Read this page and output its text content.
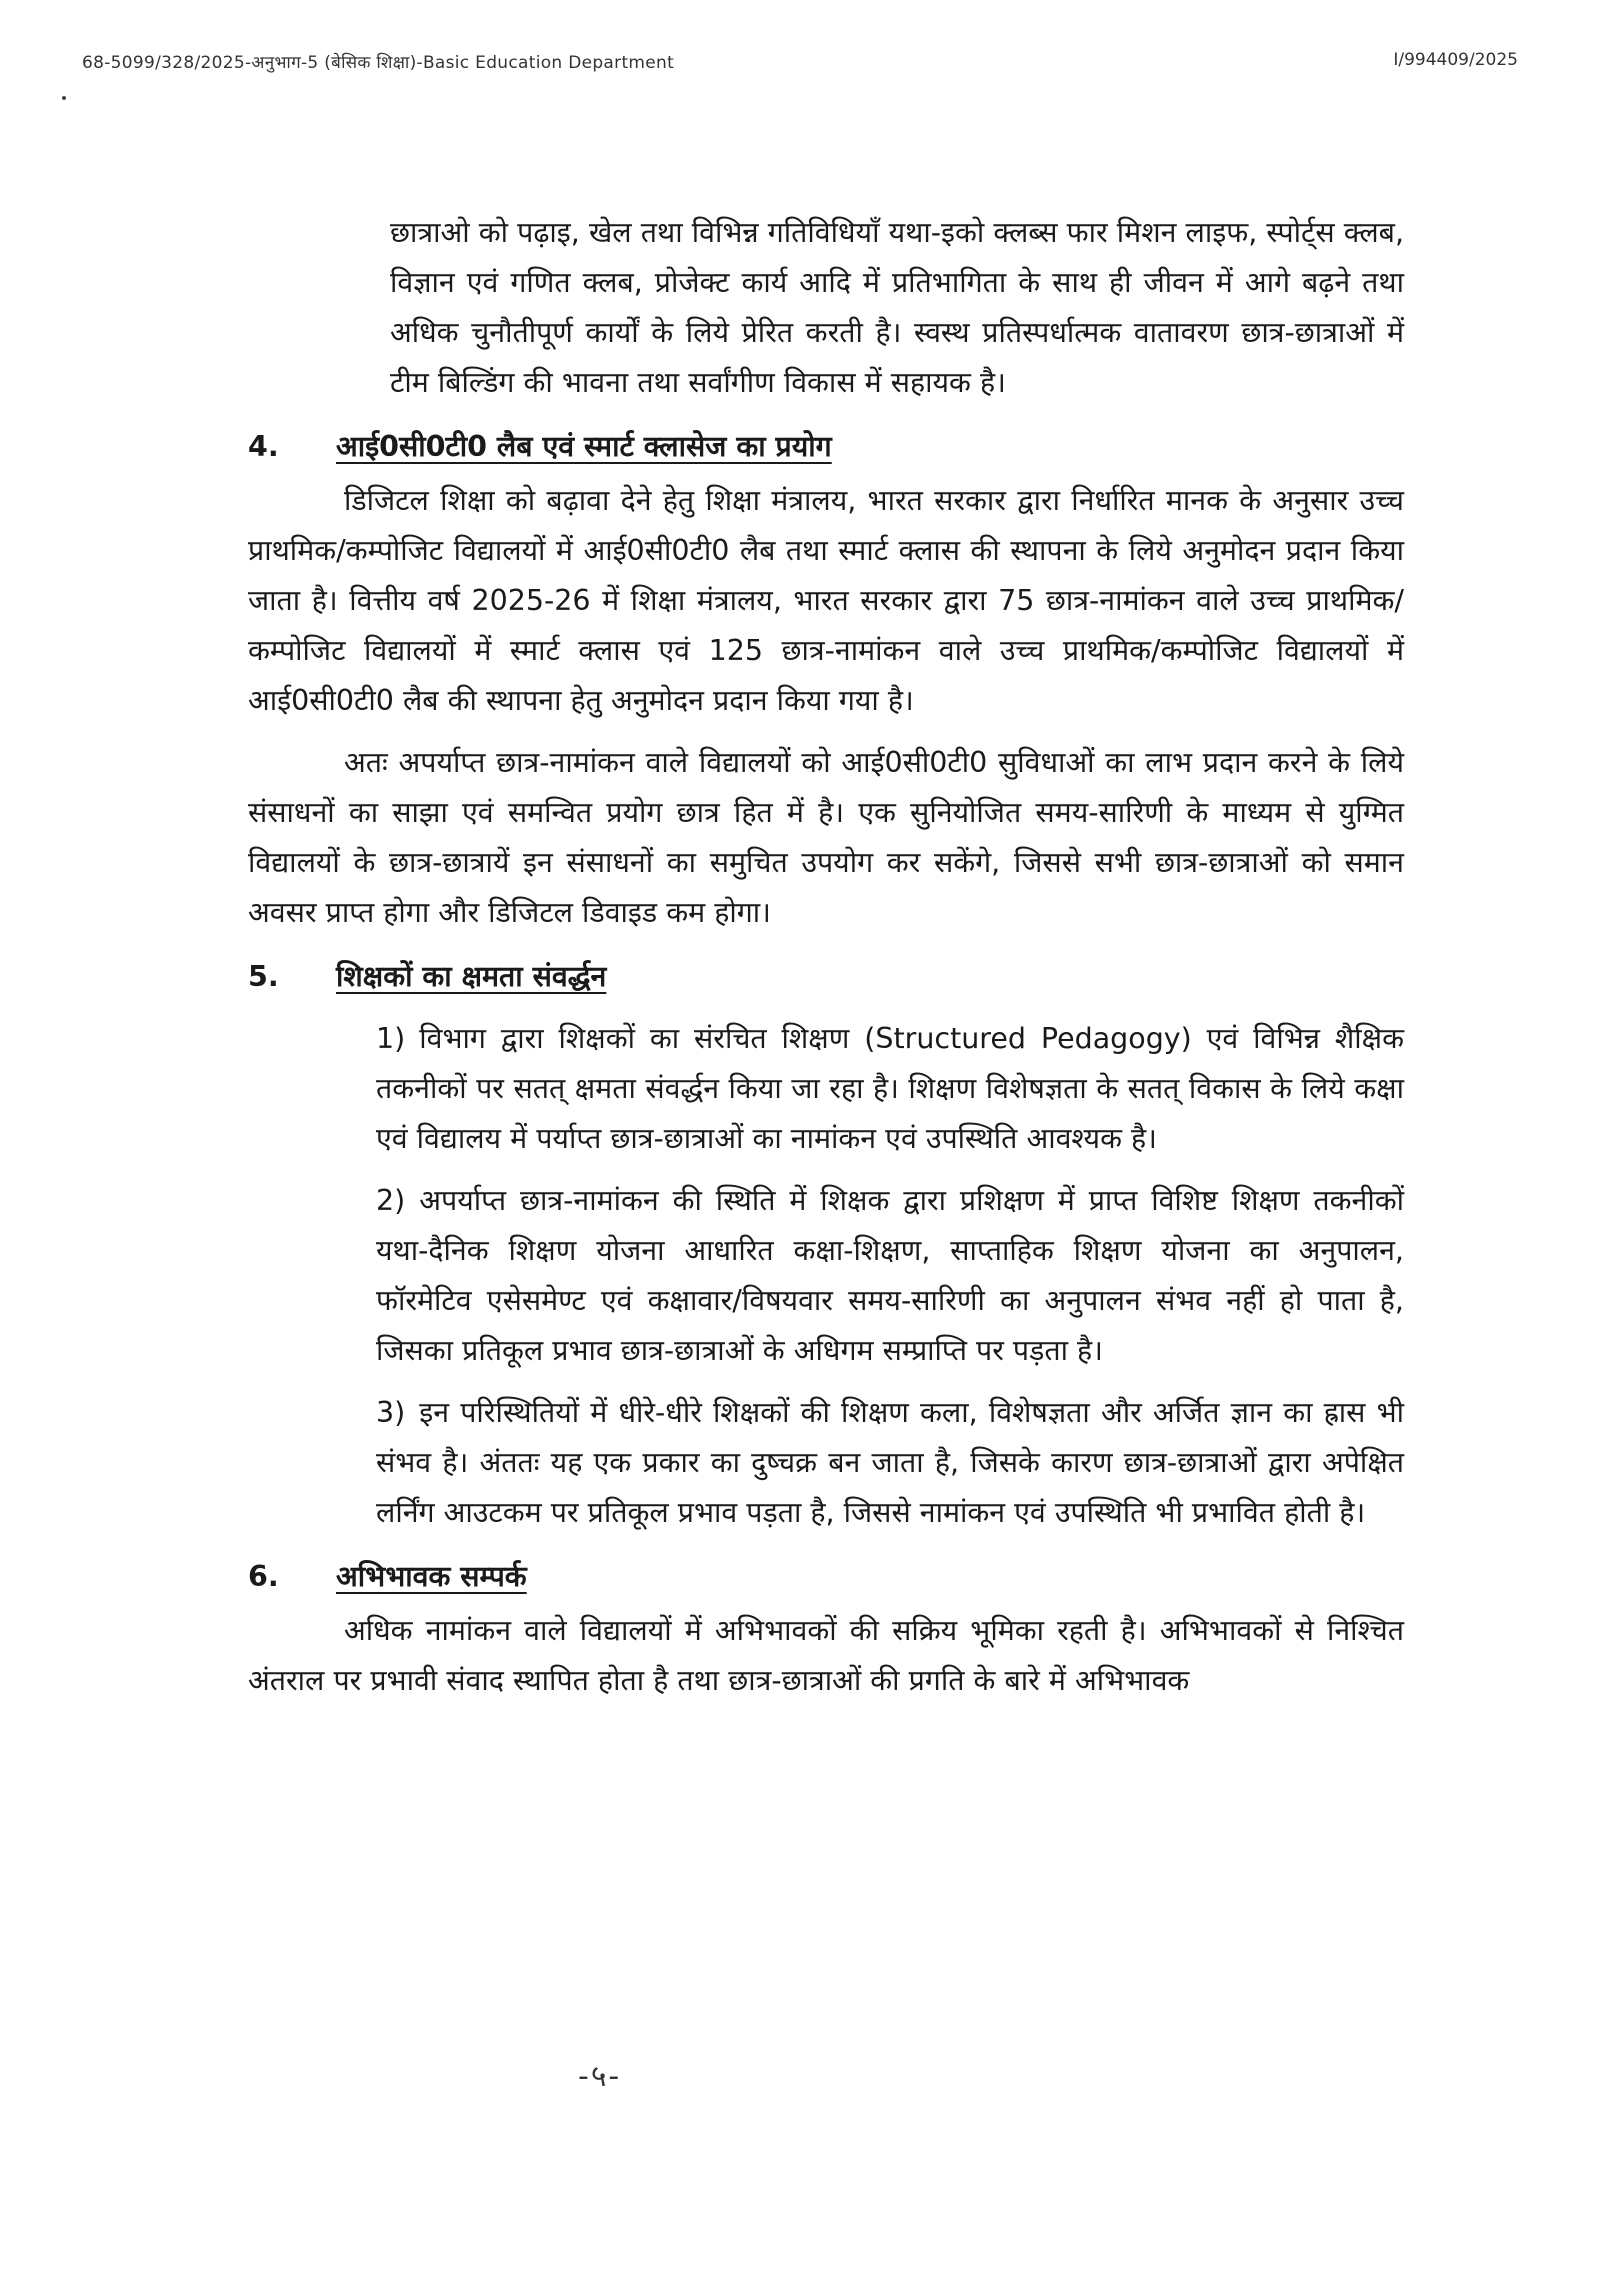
68-5099/328/2025-अनुभाग-5 (बेसिक शिक्षा)-Basic Education Department	I/994409/2025

छात्राओ को पढ़ाइ, खेल तथा विभिन्न गतिविधियाँ यथा-इको क्लब्स फार मिशन लाइफ, स्पोर्ट्स क्लब, विज्ञान एवं गणित क्लब, प्रोजेक्ट कार्य आदि में प्रतिभागिता के साथ ही जीवन में आगे बढ़ने तथा अधिक चुनौतीपूर्ण कार्यों के लिये प्रेरित करती है। स्वस्थ प्रतिस्पर्धात्मक वातावरण छात्र-छात्राओं में टीम बिल्डिंग की भावना तथा सर्वांगीण विकास में सहायक है।

4.	आई0सी0टी0 लैब एवं स्मार्ट क्लासेज का प्रयोग

डिजिटल शिक्षा को बढ़ावा देने हेतु शिक्षा मंत्रालय, भारत सरकार द्वारा निर्धारित मानक के अनुसार उच्च प्राथमिक/कम्पोजिट विद्यालयों में आई0सी0टी0 लैब तथा स्मार्ट क्लास की स्थापना के लिये अनुमोदन प्रदान किया जाता है। वित्तीय वर्ष 2025-26 में शिक्षा मंत्रालय, भारत सरकार द्वारा 75 छात्र-नामांकन वाले उच्च प्राथमिक/कम्पोजिट विद्यालयों में स्मार्ट क्लास एवं 125 छात्र-नामांकन वाले उच्च प्राथमिक/कम्पोजिट विद्यालयों में आई0सी0टी0 लैब की स्थापना हेतु अनुमोदन प्रदान किया गया है।

अतः अपर्याप्त छात्र-नामांकन वाले विद्यालयों को आई0सी0टी0 सुविधाओं का लाभ प्रदान करने के लिये संसाधनों का साझा एवं समन्वित प्रयोग छात्र हित में है। एक सुनियोजित समय-सारिणी के माध्यम से युग्मित विद्यालयों के छात्र-छात्रायें इन संसाधनों का समुचित उपयोग कर सकेंगे, जिससे सभी छात्र-छात्राओं को समान अवसर प्राप्त होगा और डिजिटल डिवाइड कम होगा।

5.	शिक्षकों का क्षमता संवर्द्धन

1) विभाग द्वारा शिक्षकों का संरचित शिक्षण (Structured Pedagogy) एवं विभिन्न शैक्षिक तकनीकों पर सतत् क्षमता संवर्द्धन किया जा रहा है। शिक्षण विशेषज्ञता के सतत् विकास के लिये कक्षा एवं विद्यालय में पर्याप्त छात्र-छात्राओं का नामांकन एवं उपस्थिति आवश्यक है।

2) अपर्याप्त छात्र-नामांकन की स्थिति में शिक्षक द्वारा प्रशिक्षण में प्राप्त विशिष्ट शिक्षण तकनीकों यथा-दैनिक शिक्षण योजना आधारित कक्षा-शिक्षण, साप्ताहिक शिक्षण योजना का अनुपालन, फॉरमेटिव एसेसमेण्ट एवं कक्षावार/विषयवार समय-सारिणी का अनुपालन संभव नहीं हो पाता है, जिसका प्रतिकूल प्रभाव छात्र-छात्राओं के अधिगम सम्प्राप्ति पर पड़ता है।

3) इन परिस्थितियों में धीरे-धीरे शिक्षकों की शिक्षण कला, विशेषज्ञता और अर्जित ज्ञान का ह्रास भी संभव है। अंततः यह एक प्रकार का दुष्चक्र बन जाता है, जिसके कारण छात्र-छात्राओं द्वारा अपेक्षित लर्निंग आउटकम पर प्रतिकूल प्रभाव पड़ता है, जिससे नामांकन एवं उपस्थिति भी प्रभावित होती है।

6.	अभिभावक सम्पर्क

अधिक नामांकन वाले विद्यालयों में अभिभावकों की सक्रिय भूमिका रहती है। अभिभावकों से निश्चित अंतराल पर प्रभावी संवाद स्थापित होता है तथा छात्र-छात्राओं की प्रगति के बारे में अभिभावक

-५-
